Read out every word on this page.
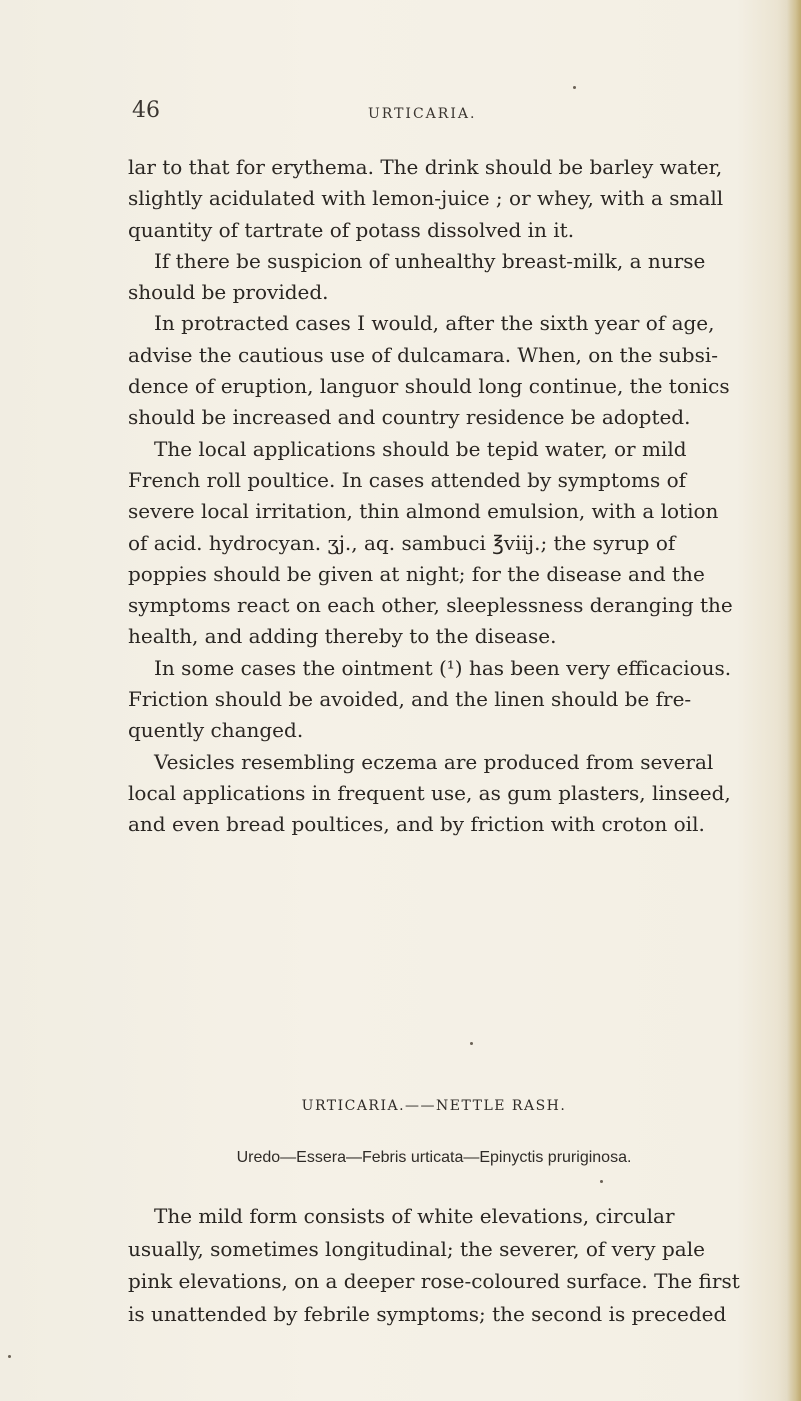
46	URTICARIA.

lar to that for erythema. The drink should be barley water, slightly acidulated with lemon-juice ; or whey, with a small quantity of tartrate of potass dissolved in it.

If there be suspicion of unhealthy breast-milk, a nurse should be provided.

In protracted cases I would, after the sixth year of age, advise the cautious use of dulcamara. When, on the subsi- dence of eruption, languor should long continue, the tonics should be increased and country residence be adopted.

The local applications should be tepid water, or mild French roll poultice. In cases attended by symptoms of severe local irritation, thin almond emulsion, with a lotion of acid. hydrocyan. ʒj., aq. sambuci ℥viij.; the syrup of poppies should be given at night; for the disease and the symptoms react on each other, sleeplessness deranging the health, and adding thereby to the disease.

In some cases the ointment (¹) has been very efficacious. Friction should be avoided, and the linen should be fre- quently changed.

Vesicles resembling eczema are produced from several local applications in frequent use, as gum plasters, linseed, and even bread poultices, and by friction with croton oil.

URTICARIA.——NETTLE RASH.
Uredo—Essera—Febris urticata—Epinyctis pruriginosa.

The mild form consists of white elevations, circular usually, sometimes longitudinal; the severer, of very pale pink elevations, on a deeper rose-coloured surface. The first is unattended by febrile symptoms; the second is preceded
